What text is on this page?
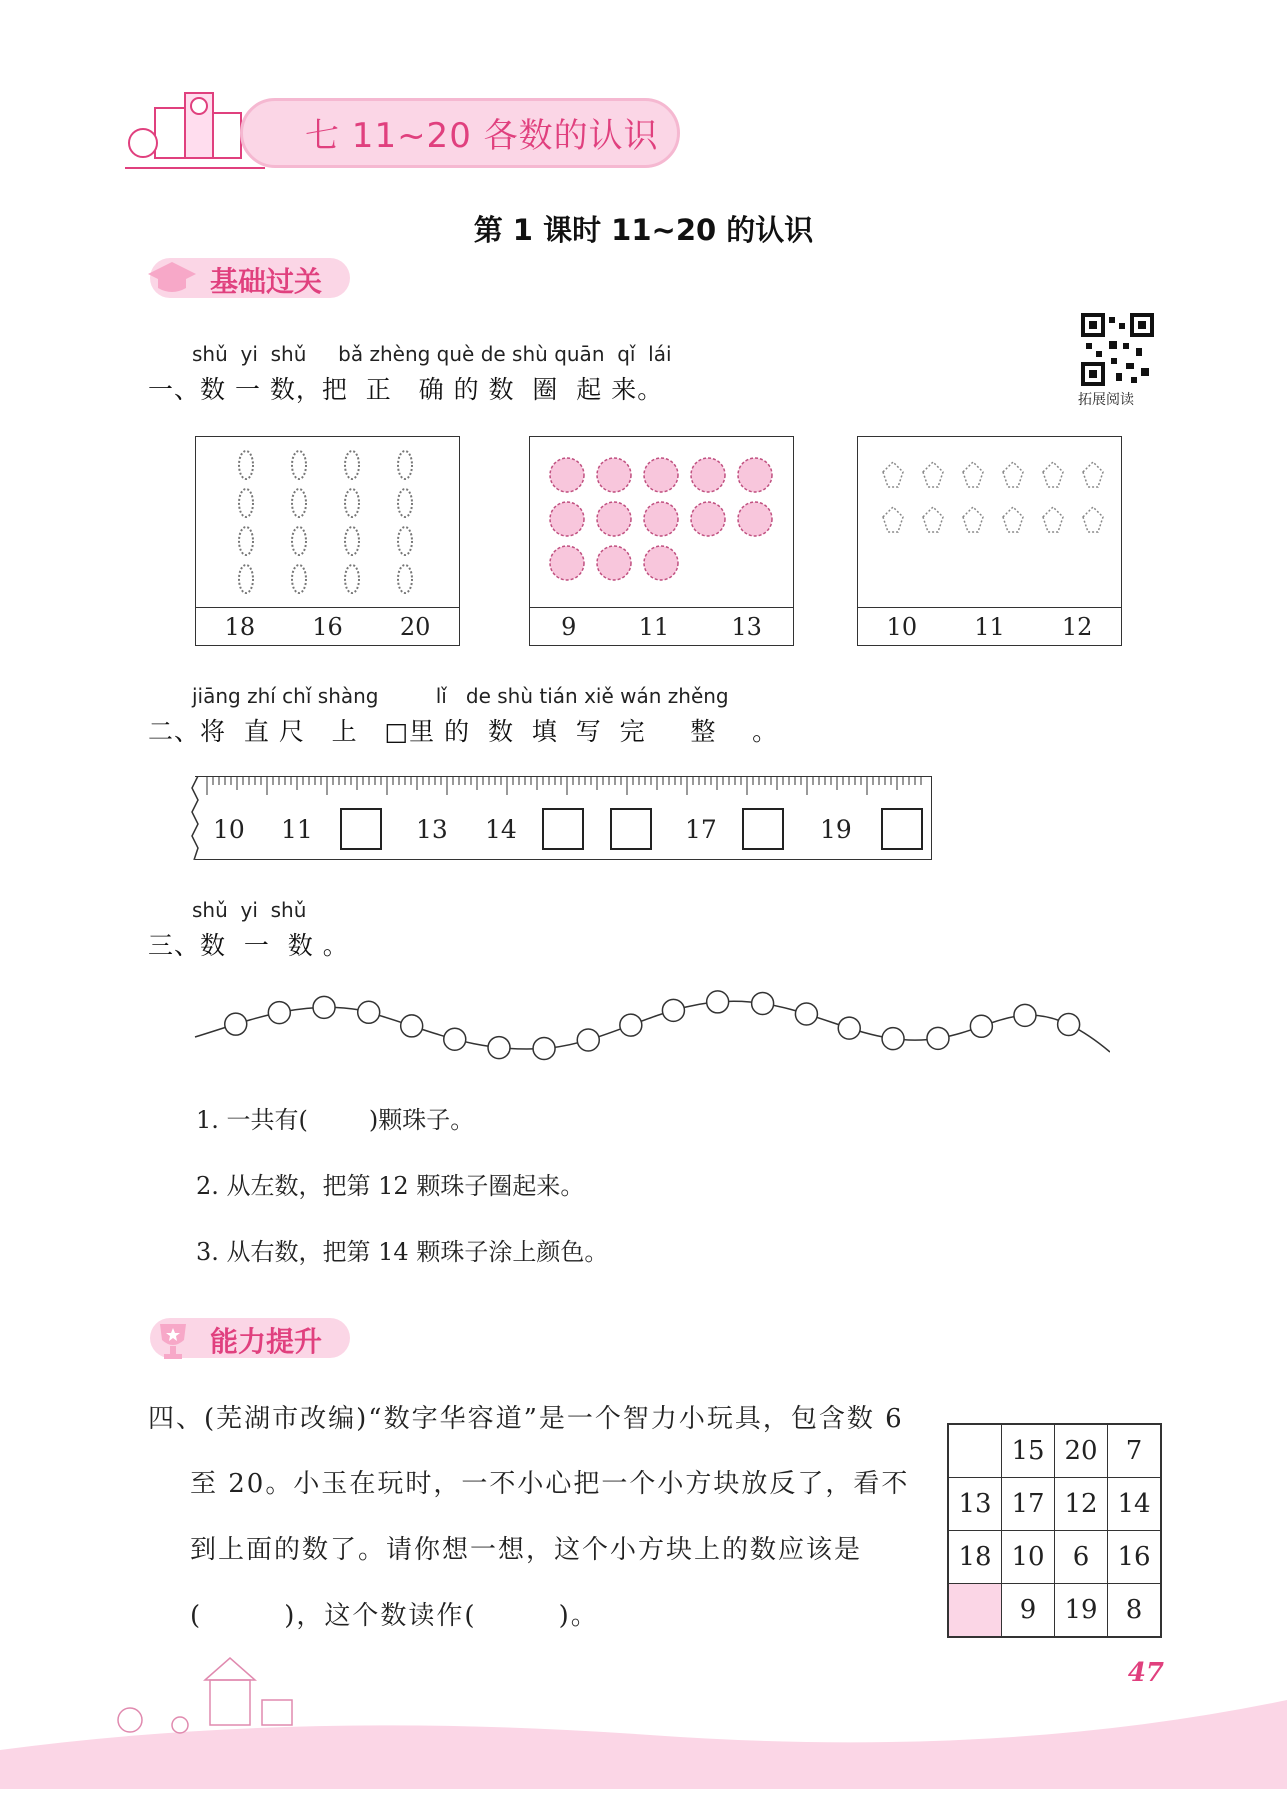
七 11~20 各数的认识
第 1 课时 11~20 的认识
基础过关
拓展阅读
shǔ  yi  shǔ     bǎ zhèng què de shù quān  qǐ  lái
一、数 一 数，把  正   确 的 数  圈  起 来。
18 16 20	9	11	13	10 11 12
jiāng zhí chǐ shàng         lǐ   de shù tián xiě wán zhěng
二、将  直 尺   上   □里 的  数  填  写  完     整    。
10 11	13 14	17	19
shǔ  yi  shǔ
三、数  一  数 。
1. 一共有(        )颗珠子。
2. 从左数，把第 12 颗珠子圈起来。
3. 从右数，把第 14 颗珠子涂上颜色。
能力提升
四、(芜湖市改编)“数字华容道”是一个智力小玩具，包含数 6
至 20。小玉在玩时，一不小心把一个小方块放反了，看不
到上面的数了。请你想一想，这个小方块上的数应该是
(        )，这个数读作(        )。
	15	20	7
13	17	12	14
18	10	6	16
	9	19	8
47
